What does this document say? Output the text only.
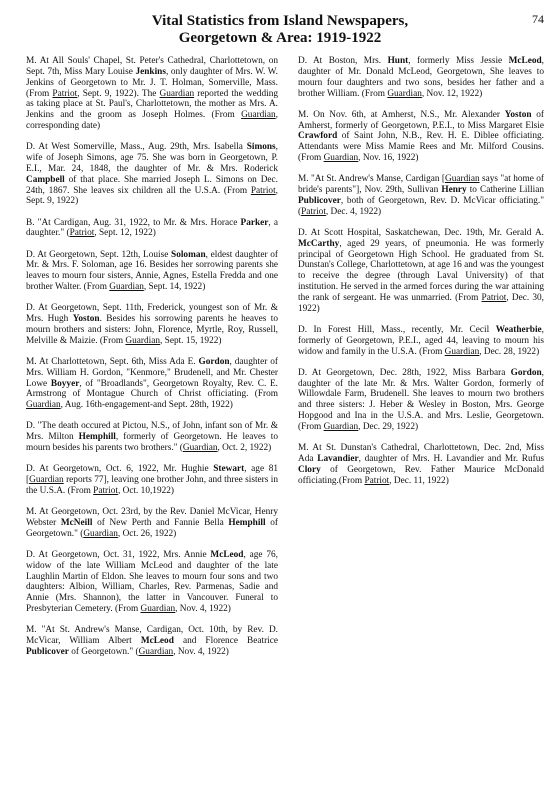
Vital Statistics from Island Newspapers,
Georgetown & Area: 1919-1922
74

M. At All Souls' Chapel, St. Peter's Cathedral, Charlottetown, on Sept. 7th, Miss Mary Louise Jenkins, only daughter of Mrs. W. W. Jenkins of Georgetown to Mr. J. T. Holman, Somerville, Mass. (From Patriot, Sept. 9, 1922). The Guardian reported the wedding as taking place at St. Paul's, Charlottetown, the mother as Mrs. A. Jenkins and the groom as Joseph Holmes. (From Guardian, corresponding date)

D. At West Somerville, Mass., Aug. 29th, Mrs. Isabella Simons, wife of Joseph Simons, age 75. She was born in Georgetown, P. E.I., Mar. 24, 1848, the daughter of Mr. & Mrs. Roderick Campbell of that place. She married Joseph L. Simons on Dec. 24th, 1867. She leaves six children all the U.S.A. (From Patriot, Sept. 9, 1922)

B. "At Cardigan, Aug. 31, 1922, to Mr. & Mrs. Horace Parker, a daughter." (Patriot, Sept. 12, 1922)

D. At Georgetown, Sept. 12th, Louise Soloman, eldest daughter of Mr. & Mrs. F. Soloman, age 16. Besides her sorrowing parents she leaves to mourn four sisters, Annie, Agnes, Estella Fredda and one brother Walter. (From Guardian, Sept. 14, 1922)

D. At Georgetown, Sept. 11th, Frederick, youngest son of Mr. & Mrs. Hugh Yoston. Besides his sorrowing parents he heaves to mourn brothers and sisters: John, Florence, Myrtle, Roy, Russell, Melville & Maizie. (From Guardian, Sept. 15, 1922)

M. At Charlottetown, Sept. 6th, Miss Ada E. Gordon, daughter of Mrs. William H. Gordon, "Kenmore," Brudenell, and Mr. Chester Lowe Boyyer, of "Broadlands", Georgetown Royalty, Rev. C. E. Armstrong of Montague Church of Christ officiating. (From Guardian, Aug. 16th-engagement-and Sept. 28th, 1922)

D. "The death occured at Pictou, N.S., of John, infant son of Mr. & Mrs. Milton Hemphill, formerly of Georgetown. He leaves to mourn besides his parents two brothers." (Guardian, Oct. 2, 1922)

D. At Georgetown, Oct. 6, 1922, Mr. Hughie Stewart, age 81 [Guardian reports 77], leaving one brother John, and three sisters in the U.S.A. (From Patriot, Oct. 10,1922)

M. At Georgetown, Oct. 23rd, by the Rev. Daniel McVicar, Henry Webster McNeill of New Perth and Fannie Bella Hemphill of Georgetown." (Guardian, Oct. 26, 1922)

D. At Georgetown, Oct. 31, 1922, Mrs. Annie McLeod, age 76, widow of the late William McLeod and daughter of the late Laughlin Martin of Eldon. She leaves to mourn four sons and two daughters: Albion, William, Charles, Rev. Parmenas, Sadie and Annie (Mrs. Shannon), the latter in Vancouver. Funeral to Presbyterian Cemetery. (From Guardian, Nov. 4, 1922)

M. "At St. Andrew's Manse, Cardigan, Oct. 10th, by Rev. D. McVicar, William Albert McLeod and Florence Beatrice Publicover of Georgetown." (Guardian, Nov. 4, 1922)

D. At Boston, Mrs. Hunt, formerly Miss Jessie McLeod, daughter of Mr. Donald McLeod, Georgetown, She leaves to mourn four daughters and two sons, besides her father and a brother William. (From Guardian, Nov. 12, 1922)

M. On Nov. 6th, at Amherst, N.S., Mr. Alexander Yoston of Amherst, formerly of Georgetown, P.E.I., to Miss Margaret Elsie Crawford of Saint John, N.B., Rev. H. E. Diblee officiating. Attendants were Miss Mamie Rees and Mr. Milford Cousins. (From Guardian, Nov. 16, 1922)

M. "At St. Andrew's Manse, Cardigan [Guardian says "at home of bride's parents"], Nov. 29th, Sullivan Henry to Catherine Lillian Publicover, both of Georgetown, Rev. D. McVicar officiating." (Patriot, Dec. 4, 1922)

D. At Scott Hospital, Saskatchewan, Dec. 19th, Mr. Gerald A. McCarthy, aged 29 years, of pneumonia. He was formerly principal of Georgetown High School. He graduated from St. Dunstan's College, Charlottetown, at age 16 and was the youngest to receive the degree (through Laval University) of that institution. He served in the armed forces during the war attaining the rank of sergeant. He was unmarried. (From Patriot, Dec. 30, 1922)

D. In Forest Hill, Mass., recently, Mr. Cecil Weatherbie, formerly of Georgetown, P.E.I., aged 44, leaving to mourn his widow and family in the U.S.A. (From Guardian, Dec. 28, 1922)

D. At Georgetown, Dec. 28th, 1922, Miss Barbara Gordon, daughter of the late Mr. & Mrs. Walter Gordon, formerly of Willowdale Farm, Brudenell. She leaves to mourn two brothers and three sisters: J. Heber & Wesley in Boston, Mrs. George Hopgood and Ina in the U.S.A. and Mrs. Leslie, Georgetown. (From Guardian, Dec. 29, 1922)

M. At St. Dunstan's Cathedral, Charlottetown, Dec. 2nd, Miss Ada Lavandier, daughter of Mrs. H. Lavandier and Mr. Rufus Clory of Georgetown, Rev. Father Maurice McDonald officiating.(From Patriot, Dec. 11, 1922)
